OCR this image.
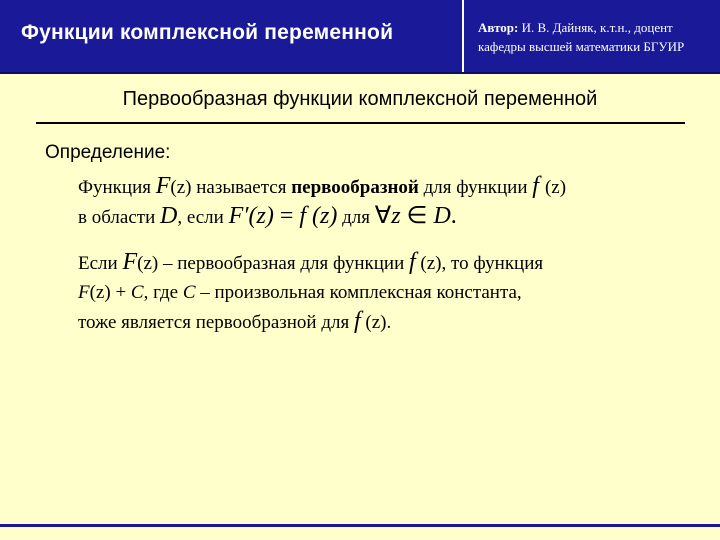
Функции комплексной переменной	Автор: И. В. Дайняк, к.т.н., доцент
кафедры высшей математики БГУИР
Первообразная функции комплексной переменной
Определение:
Функция F(z) называется первообразной для функции f (z)
в области D, если F′(z) = f (z) для ∀z ∈ D.
Если F(z) – первообразная для функции f (z), то функция
F(z) + C, где C – произвольная комплексная константа,
тоже является первообразной для f (z).
